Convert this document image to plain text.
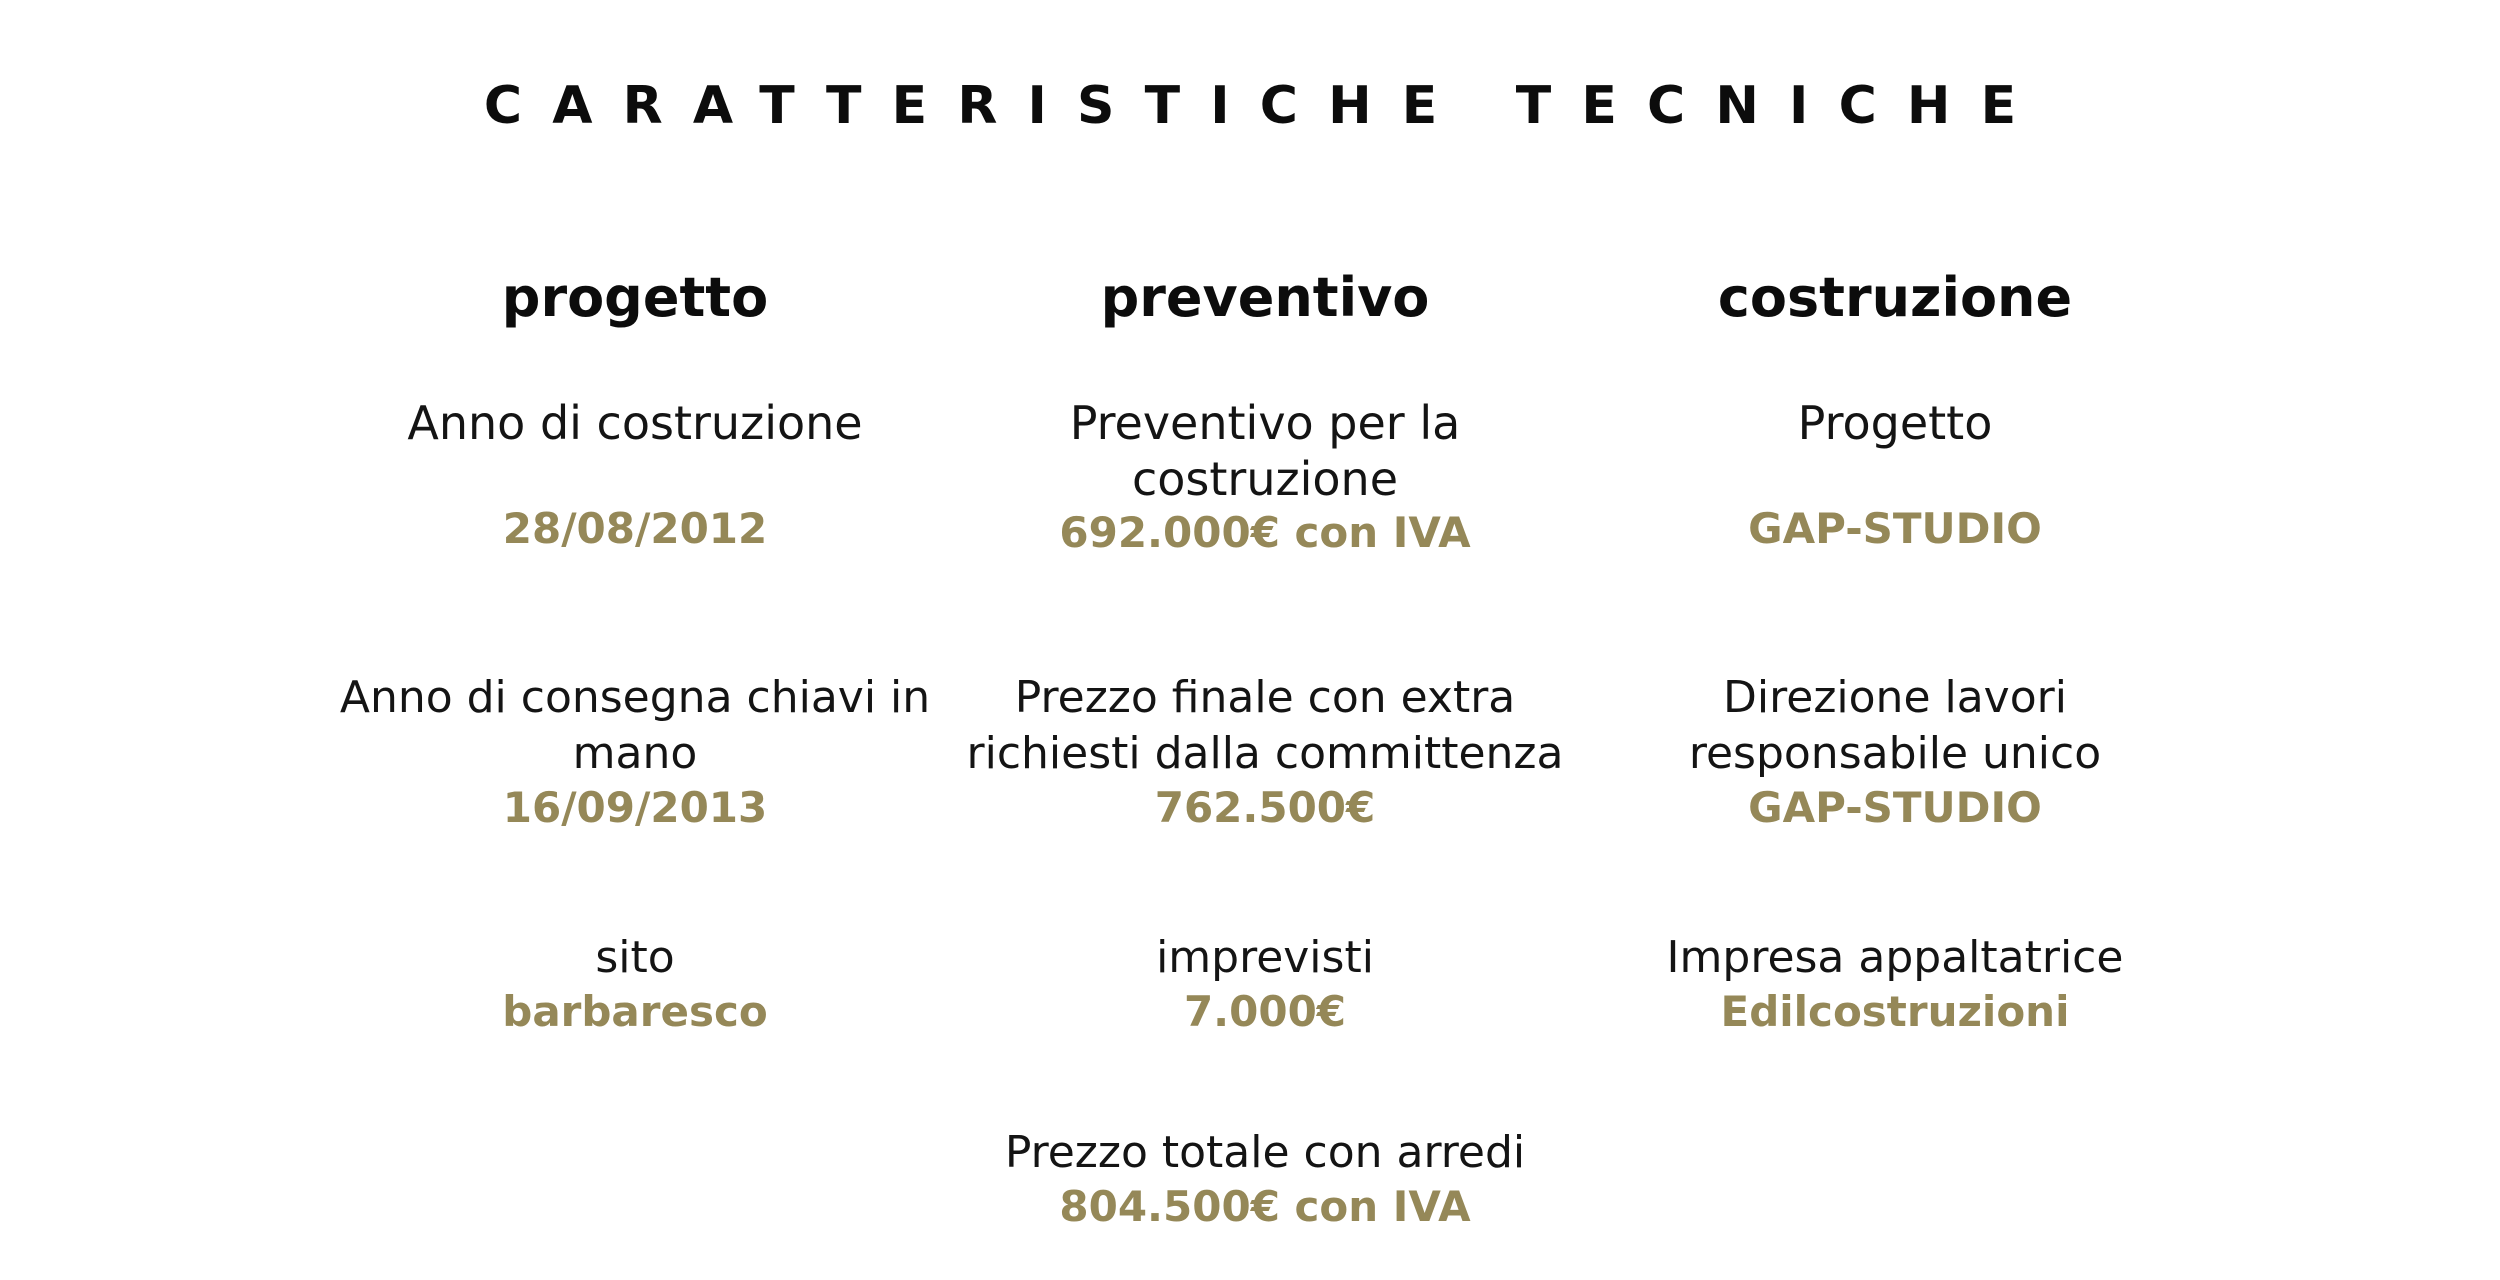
CARATTERISTICHE TECNICHE
progetto
Anno di costruzione
28/08/2012
Anno di consegna chiavi in
mano
16/09/2013
sito
barbaresco
preventivo
Preventivo per la
costruzione
692.000€ con IVA
Prezzo finale con extra
richiesti dalla committenza
762.500€
imprevisti
7.000€
Prezzo totale con arredi
804.500€ con IVA
costruzione
Progetto
GAP-STUDIO
Direzione lavori
responsabile unico
GAP-STUDIO
Impresa appaltatrice
Edilcostruzioni
